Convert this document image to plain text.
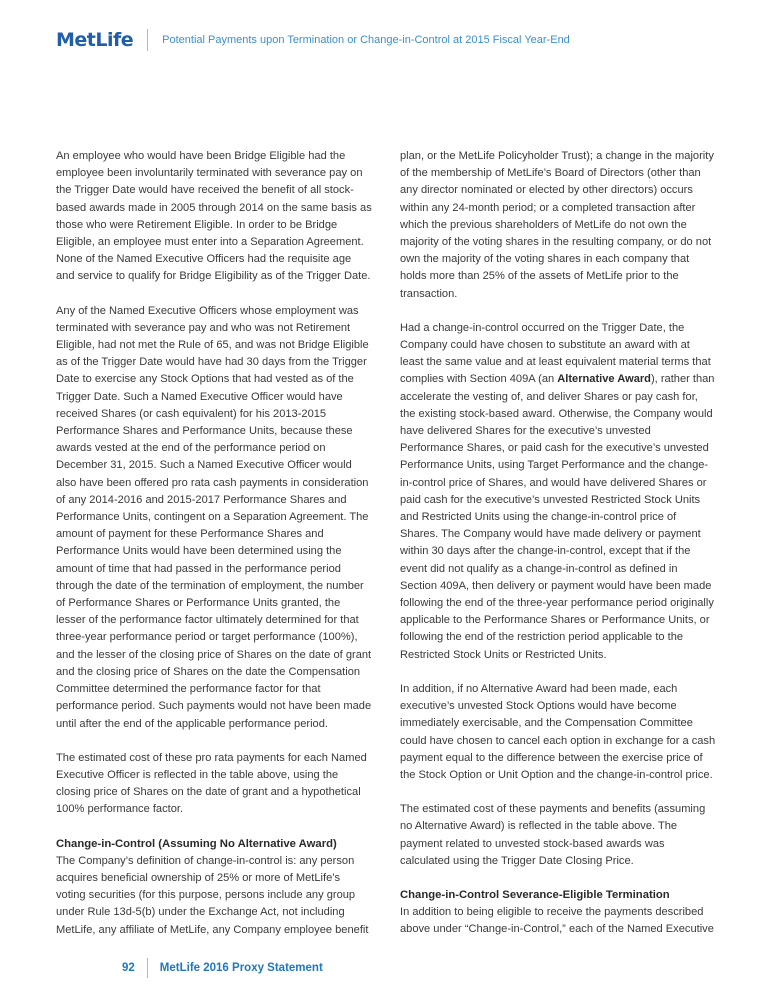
MetLife	Potential Payments upon Termination or Change-in-Control at 2015 Fiscal Year-End

An employee who would have been Bridge Eligible had the employee been involuntarily terminated with severance pay on the Trigger Date would have received the benefit of all stock-based awards made in 2005 through 2014 on the same basis as those who were Retirement Eligible. In order to be Bridge Eligible, an employee must enter into a Separation Agreement. None of the Named Executive Officers had the requisite age and service to qualify for Bridge Eligibility as of the Trigger Date.

Any of the Named Executive Officers whose employment was terminated with severance pay and who was not Retirement Eligible, had not met the Rule of 65, and was not Bridge Eligible as of the Trigger Date would have had 30 days from the Trigger Date to exercise any Stock Options that had vested as of the Trigger Date. Such a Named Executive Officer would have received Shares (or cash equivalent) for his 2013-2015 Performance Shares and Performance Units, because these awards vested at the end of the performance period on December 31, 2015. Such a Named Executive Officer would also have been offered pro rata cash payments in consideration of any 2014-2016 and 2015-2017 Performance Shares and Performance Units, contingent on a Separation Agreement. The amount of payment for these Performance Shares and Performance Units would have been determined using the amount of time that had passed in the performance period through the date of the termination of employment, the number of Performance Shares or Performance Units granted, the lesser of the performance factor ultimately determined for that three-year performance period or target performance (100%), and the lesser of the closing price of Shares on the date of grant and the closing price of Shares on the date the Compensation Committee determined the performance factor for that performance period. Such payments would not have been made until after the end of the applicable performance period.

The estimated cost of these pro rata payments for each Named Executive Officer is reflected in the table above, using the closing price of Shares on the date of grant and a hypothetical 100% performance factor.

Change-in-Control (Assuming No Alternative Award)

The Company’s definition of change-in-control is: any person acquires beneficial ownership of 25% or more of MetLife’s voting securities (for this purpose, persons include any group under Rule 13d-5(b) under the Exchange Act, not including MetLife, any affiliate of MetLife, any Company employee benefit

plan, or the MetLife Policyholder Trust); a change in the majority of the membership of MetLife’s Board of Directors (other than any director nominated or elected by other directors) occurs within any 24-month period; or a completed transaction after which the previous shareholders of MetLife do not own the majority of the voting shares in the resulting company, or do not own the majority of the voting shares in each company that holds more than 25% of the assets of MetLife prior to the transaction.

Had a change-in-control occurred on the Trigger Date, the Company could have chosen to substitute an award with at least the same value and at least equivalent material terms that complies with Section 409A (an Alternative Award), rather than accelerate the vesting of, and deliver Shares or pay cash for, the existing stock-based award. Otherwise, the Company would have delivered Shares for the executive’s unvested Performance Shares, or paid cash for the executive’s unvested Performance Units, using Target Performance and the change-in-control price of Shares, and would have delivered Shares or paid cash for the executive’s unvested Restricted Stock Units and Restricted Units using the change-in-control price of Shares. The Company would have made delivery or payment within 30 days after the change-in-control, except that if the event did not qualify as a change-in-control as defined in Section 409A, then delivery or payment would have been made following the end of the three-year performance period originally applicable to the Performance Shares or Performance Units, or following the end of the restriction period applicable to the Restricted Stock Units or Restricted Units.

In addition, if no Alternative Award had been made, each executive’s unvested Stock Options would have become immediately exercisable, and the Compensation Committee could have chosen to cancel each option in exchange for a cash payment equal to the difference between the exercise price of the Stock Option or Unit Option and the change-in-control price.

The estimated cost of these payments and benefits (assuming no Alternative Award) is reflected in the table above. The payment related to unvested stock-based awards was calculated using the Trigger Date Closing Price.

Change-in-Control Severance-Eligible Termination

In addition to being eligible to receive the payments described above under “Change-in-Control,” each of the Named Executive

92 MetLife 2016 Proxy Statement
